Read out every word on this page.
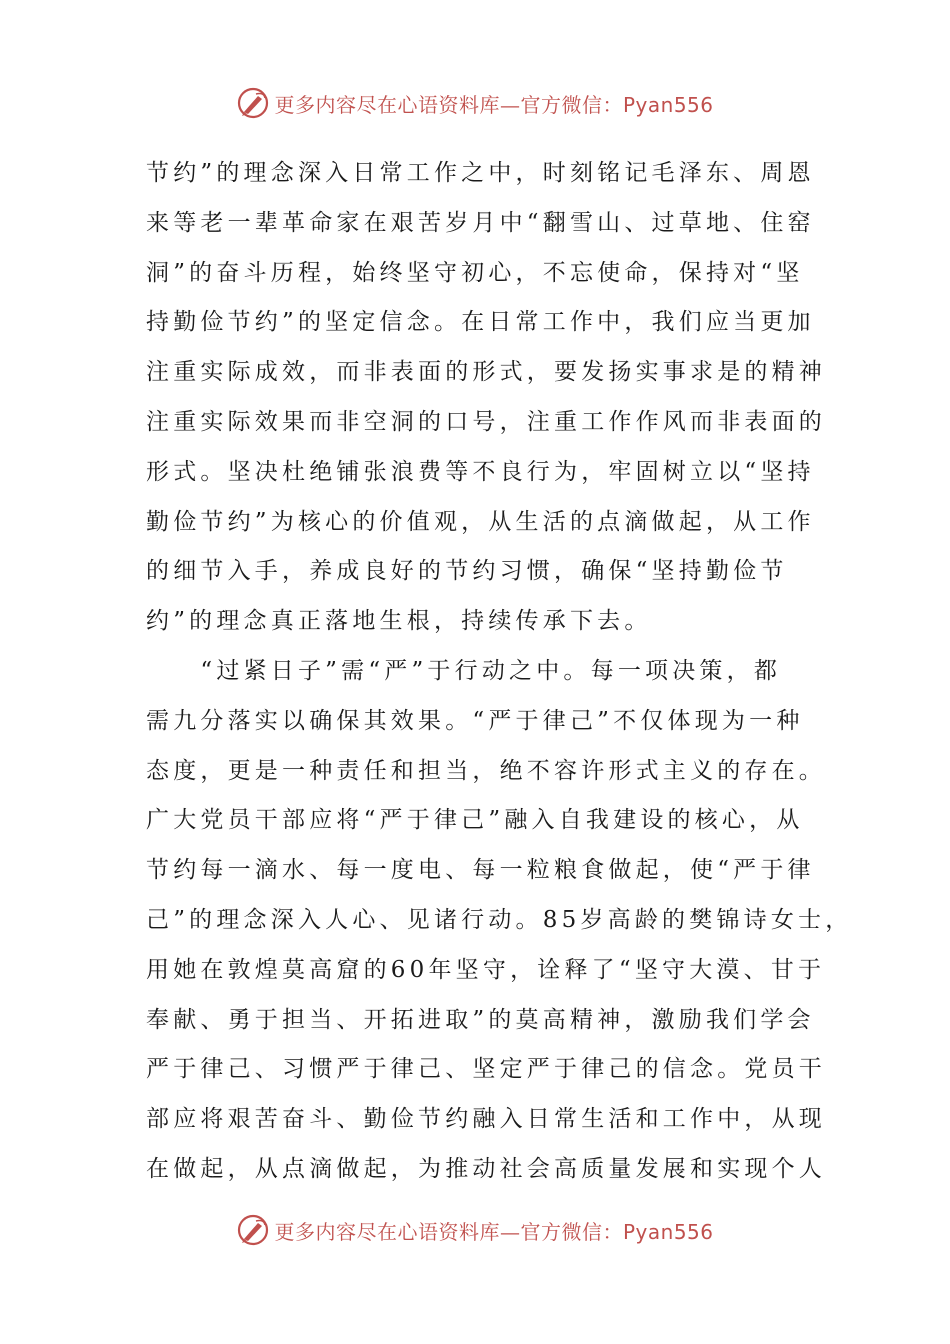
更多内容尽在心语资料库—官方微信：Pyan556
节约”的理念深入日常工作之中，时刻铭记毛泽东、周恩
来等老一辈革命家在艰苦岁月中“翻雪山、过草地、住窑
洞”的奋斗历程，始终坚守初心，不忘使命，保持对“坚
持勤俭节约”的坚定信念。在日常工作中，我们应当更加
注重实际成效，而非表面的形式，要发扬实事求是的精神
注重实际效果而非空洞的口号，注重工作作风而非表面的
形式。坚决杜绝铺张浪费等不良行为，牢固树立以“坚持
勤俭节约”为核心的价值观，从生活的点滴做起，从工作
的细节入手，养成良好的节约习惯，确保“坚持勤俭节
约”的理念真正落地生根，持续传承下去。
　　“过紧日子”需“严”于行动之中。每一项决策，都
需九分落实以确保其效果。“严于律己”不仅体现为一种
态度，更是一种责任和担当，绝不容许形式主义的存在。
广大党员干部应将“严于律己”融入自我建设的核心，从
节约每一滴水、每一度电、每一粒粮食做起，使“严于律
己”的理念深入人心、见诸行动。85岁高龄的樊锦诗女士，
用她在敦煌莫高窟的60年坚守，诠释了“坚守大漠、甘于
奉献、勇于担当、开拓进取”的莫高精神，激励我们学会
严于律己、习惯严于律己、坚定严于律己的信念。党员干
部应将艰苦奋斗、勤俭节约融入日常生活和工作中，从现
在做起，从点滴做起，为推动社会高质量发展和实现个人
更多内容尽在心语资料库—官方微信：Pyan556
